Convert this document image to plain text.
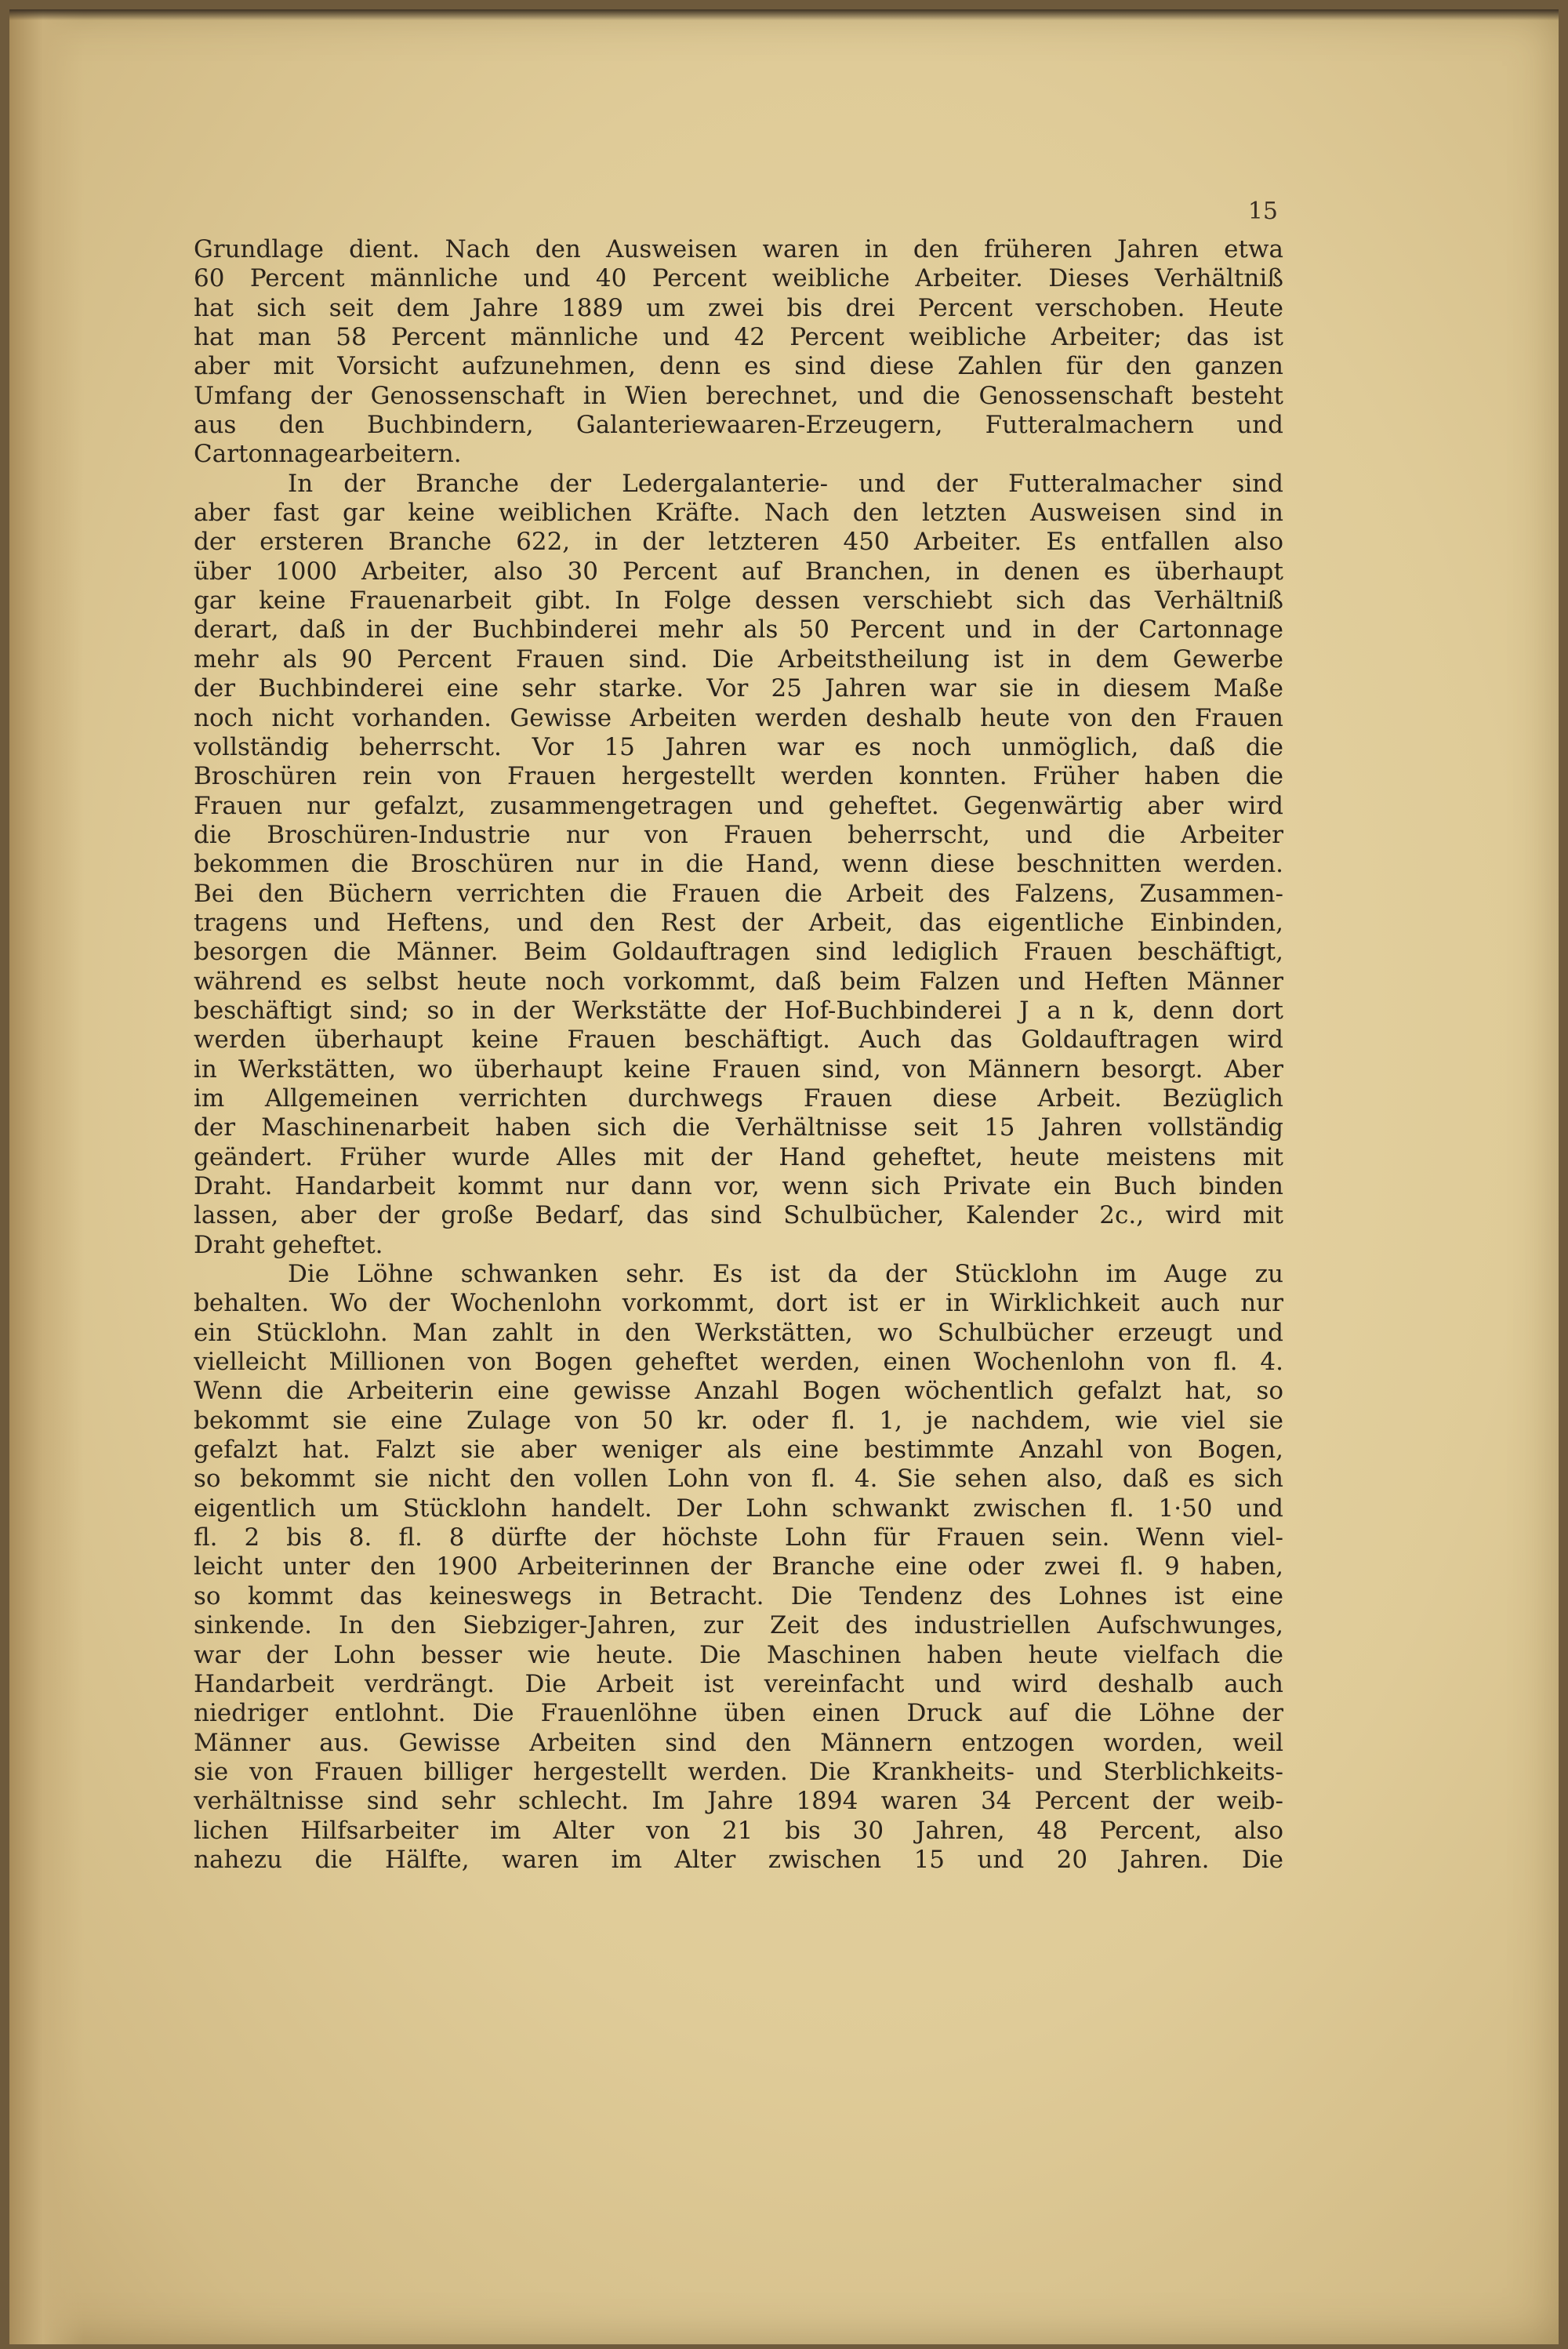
15
Grundlage dient. Nach den Ausweisen waren in den früheren Jahren etwa
60 Percent männliche und 40 Percent weibliche Arbeiter. Dieses Verhältniß
hat sich seit dem Jahre 1889 um zwei bis drei Percent verschoben. Heute
hat man 58 Percent männliche und 42 Percent weibliche Arbeiter; das ist
aber mit Vorsicht aufzunehmen, denn es sind diese Zahlen für den ganzen
Umfang der Genossenschaft in Wien berechnet, und die Genossenschaft besteht
aus den Buchbindern, Galanteriewaaren-Erzeugern, Futteralmachern und
Cartonnagearbeitern.
In der Branche der Ledergalanterie- und der Futteralmacher sind
aber fast gar keine weiblichen Kräfte. Nach den letzten Ausweisen sind in
der ersteren Branche 622, in der letzteren 450 Arbeiter. Es entfallen also
über 1000 Arbeiter, also 30 Percent auf Branchen, in denen es überhaupt
gar keine Frauenarbeit gibt. In Folge dessen verschiebt sich das Verhältniß
derart, daß in der Buchbinderei mehr als 50 Percent und in der Cartonnage
mehr als 90 Percent Frauen sind. Die Arbeitstheilung ist in dem Gewerbe
der Buchbinderei eine sehr starke. Vor 25 Jahren war sie in diesem Maße
noch nicht vorhanden. Gewisse Arbeiten werden deshalb heute von den Frauen
vollständig beherrscht. Vor 15 Jahren war es noch unmöglich, daß die
Broschüren rein von Frauen hergestellt werden konnten. Früher haben die
Frauen nur gefalzt, zusammengetragen und geheftet. Gegenwärtig aber wird
die Broschüren-Industrie nur von Frauen beherrscht, und die Arbeiter
bekommen die Broschüren nur in die Hand, wenn diese beschnitten werden.
Bei den Büchern verrichten die Frauen die Arbeit des Falzens, Zusammen-
tragens und Heftens, und den Rest der Arbeit, das eigentliche Einbinden,
besorgen die Männer. Beim Goldauftragen sind lediglich Frauen beschäftigt,
während es selbst heute noch vorkommt, daß beim Falzen und Heften Männer
beschäftigt sind; so in der Werkstätte der Hof-Buchbinderei J a n k, denn dort
werden überhaupt keine Frauen beschäftigt. Auch das Goldauftragen wird
in Werkstätten, wo überhaupt keine Frauen sind, von Männern besorgt. Aber
im Allgemeinen verrichten durchwegs Frauen diese Arbeit. Bezüglich
der Maschinenarbeit haben sich die Verhältnisse seit 15 Jahren vollständig
geändert. Früher wurde Alles mit der Hand geheftet, heute meistens mit
Draht. Handarbeit kommt nur dann vor, wenn sich Private ein Buch binden
lassen, aber der große Bedarf, das sind Schulbücher, Kalender 2c., wird mit
Draht geheftet.
Die Löhne schwanken sehr. Es ist da der Stücklohn im Auge zu
behalten. Wo der Wochenlohn vorkommt, dort ist er in Wirklichkeit auch nur
ein Stücklohn. Man zahlt in den Werkstätten, wo Schulbücher erzeugt und
vielleicht Millionen von Bogen geheftet werden, einen Wochenlohn von fl. 4.
Wenn die Arbeiterin eine gewisse Anzahl Bogen wöchentlich gefalzt hat, so
bekommt sie eine Zulage von 50 kr. oder fl. 1, je nachdem, wie viel sie
gefalzt hat. Falzt sie aber weniger als eine bestimmte Anzahl von Bogen,
so bekommt sie nicht den vollen Lohn von fl. 4. Sie sehen also, daß es sich
eigentlich um Stücklohn handelt. Der Lohn schwankt zwischen fl. 1·50 und
fl. 2 bis 8. fl. 8 dürfte der höchste Lohn für Frauen sein. Wenn viel-
leicht unter den 1900 Arbeiterinnen der Branche eine oder zwei fl. 9 haben,
so kommt das keineswegs in Betracht. Die Tendenz des Lohnes ist eine
sinkende. In den Siebziger-Jahren, zur Zeit des industriellen Aufschwunges,
war der Lohn besser wie heute. Die Maschinen haben heute vielfach die
Handarbeit verdrängt. Die Arbeit ist vereinfacht und wird deshalb auch
niedriger entlohnt. Die Frauenlöhne üben einen Druck auf die Löhne der
Männer aus. Gewisse Arbeiten sind den Männern entzogen worden, weil
sie von Frauen billiger hergestellt werden. Die Krankheits- und Sterblichkeits-
verhältnisse sind sehr schlecht. Im Jahre 1894 waren 34 Percent der weib-
lichen Hilfsarbeiter im Alter von 21 bis 30 Jahren, 48 Percent, also
nahezu die Hälfte, waren im Alter zwischen 15 und 20 Jahren. Die
